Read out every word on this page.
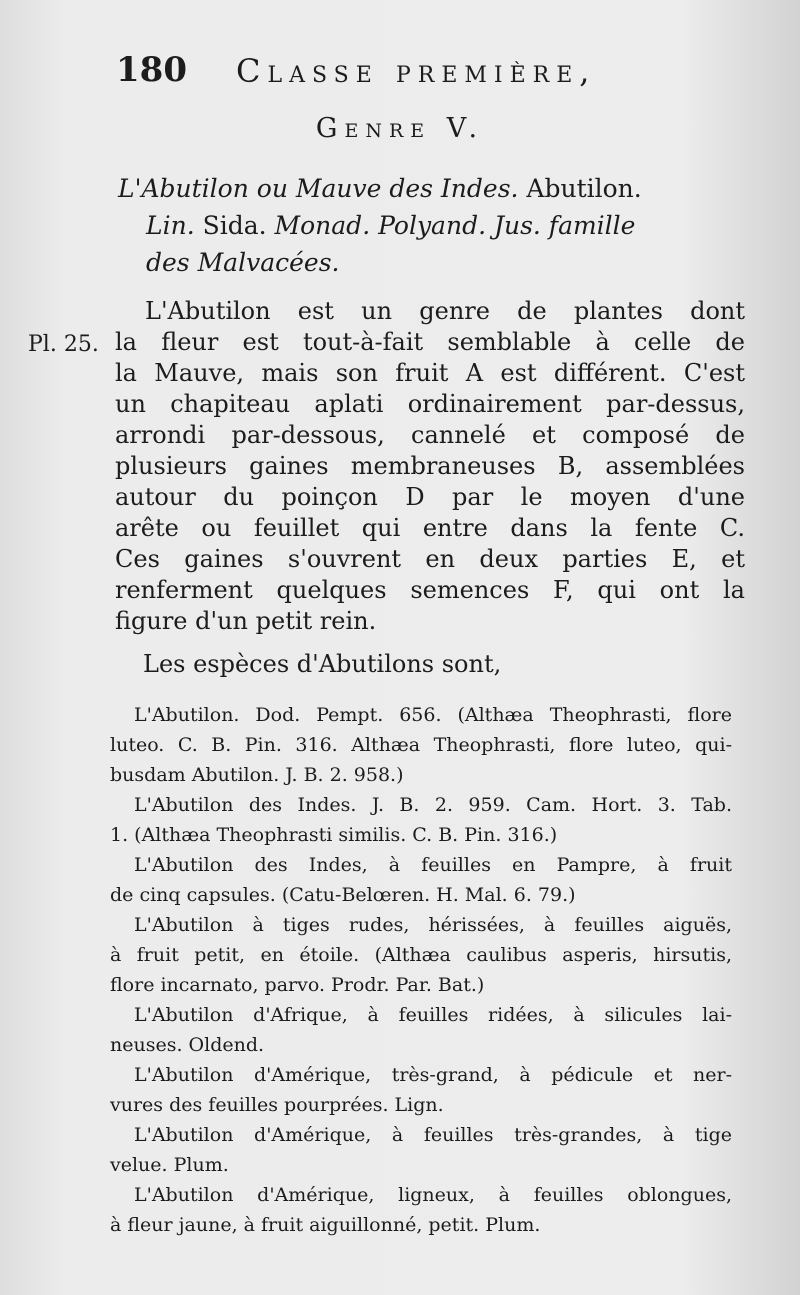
180 Classe première,
Genre V.
L'Abutilon ou Mauve des Indes. Abutilon.
Lin. Sida. Monad. Polyand. Jus. famille
des Malvacées.
Pl. 25.
L'Abutilon est un genre de plantes dont
la fleur est tout-à-fait semblable à celle de
la Mauve, mais son fruit A est différent. C'est
un chapiteau aplati ordinairement par-dessus,
arrondi par-dessous, cannelé et composé de
plusieurs gaines membraneuses B, assemblées
autour du poinçon D par le moyen d'une
arête ou feuillet qui entre dans la fente C.
Ces gaines s'ouvrent en deux parties E, et
renferment quelques semences F, qui ont la
figure d'un petit rein.
Les espèces d'Abutilons sont,
L'Abutilon. Dod. Pempt. 656. (Althæa Theophrasti, flore
luteo. C. B. Pin. 316. Althæa Theophrasti, flore luteo, qui-
busdam Abutilon. J. B. 2. 958.)
L'Abutilon des Indes. J. B. 2. 959. Cam. Hort. 3. Tab.
1. (Althæa Theophrasti similis. C. B. Pin. 316.)
L'Abutilon des Indes, à feuilles en Pampre, à fruit
de cinq capsules. (Catu-Belœren. H. Mal. 6. 79.)
L'Abutilon à tiges rudes, hérissées, à feuilles aiguës,
à fruit petit, en étoile. (Althæa caulibus asperis, hirsutis,
flore incarnato, parvo. Prodr. Par. Bat.)
L'Abutilon d'Afrique, à feuilles ridées, à silicules lai-
neuses. Oldend.
L'Abutilon d'Amérique, très-grand, à pédicule et ner-
vures des feuilles pourprées. Lign.
L'Abutilon d'Amérique, à feuilles très-grandes, à tige
velue. Plum.
L'Abutilon d'Amérique, ligneux, à feuilles oblongues,
à fleur jaune, à fruit aiguillonné, petit. Plum.
